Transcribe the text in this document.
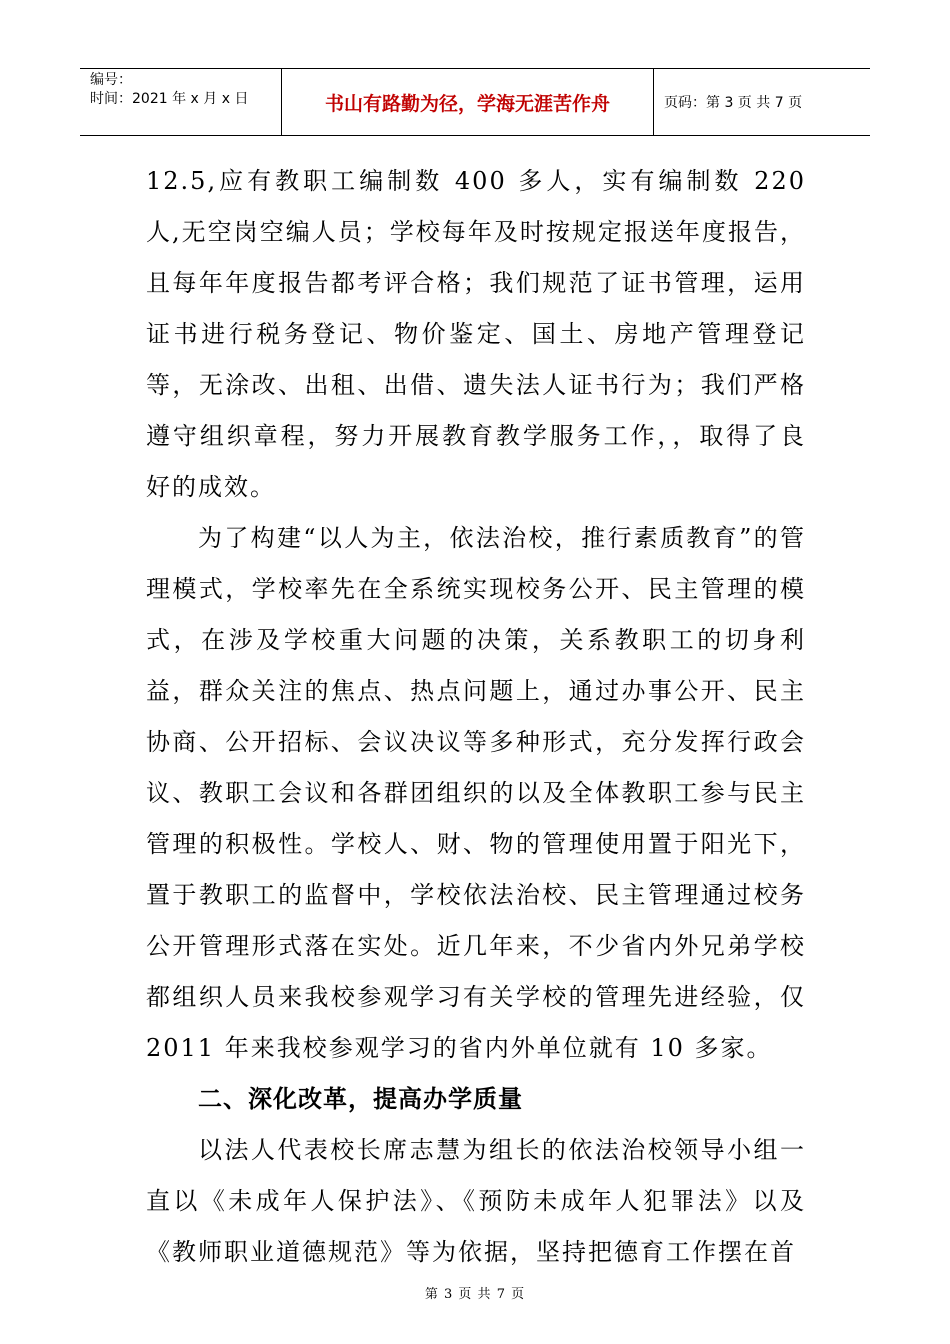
编号：
时间：2021 年 x 月 x 日	书山有路勤为径，学海无涯苦作舟	页码：第 3 页 共 7 页

12.5,应有教职工编制数 400 多人，实有编制数 220 人,无空岗空编人员；学校每年及时按规定报送年度报告，且每年年度报告都考评合格；我们规范了证书管理，运用证书进行税务登记、物价鉴定、国土、房地产管理登记等，无涂改、出租、出借、遗失法人证书行为；我们严格遵守组织章程，努力开展教育教学服务工作，，取得了良好的成效。

为了构建“以人为主，依法治校，推行素质教育”的管理模式，学校率先在全系统实现校务公开、民主管理的模式，在涉及学校重大问题的决策，关系教职工的切身利益，群众关注的焦点、热点问题上，通过办事公开、民主协商、公开招标、会议决议等多种形式，充分发挥行政会议、教职工会议和各群团组织的以及全体教职工参与民主管理的积极性。学校人、财、物的管理使用置于阳光下，置于教职工的监督中，学校依法治校、民主管理通过校务公开管理形式落在实处。近几年来，不少省内外兄弟学校都组织人员来我校参观学习有关学校的管理先进经验，仅 2011 年来我校参观学习的省内外单位就有 10 多家。

二、深化改革，提高办学质量

以法人代表校长席志慧为组长的依法治校领导小组一直以《未成年人保护法》、《预防未成年人犯罪法》以及《教师职业道德规范》等为依据，坚持把德育工作摆在首

第 3 页 共 7 页
